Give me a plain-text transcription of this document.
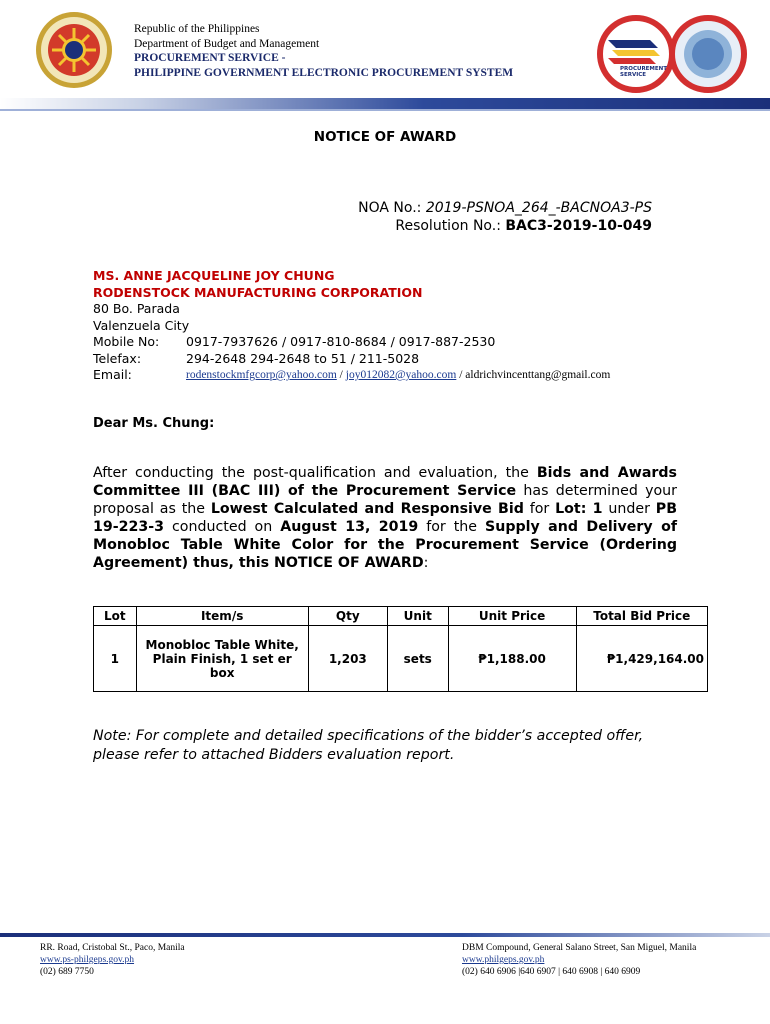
Republic of the Philippines
Department of Budget and Management
PROCUREMENT SERVICE -
PHILIPPINE GOVERNMENT ELECTRONIC PROCUREMENT SYSTEM	PROCUREMENT SERVICE
NOTICE OF AWARD
NOA No.: 2019-PSNOA_264_-BACNOA3-PS
Resolution No.: BAC3-2019-10-049
MS. ANNE JACQUELINE JOY CHUNG
RODENSTOCK MANUFACTURING CORPORATION
80 Bo. Parada
Valenzuela City
Mobile No:	0917-7937626 / 0917-810-8684 / 0917-887-2530
Telefax:	294-2648 294-2648 to 51 / 211-5028
Email:	rodenstockmfgcorp@yahoo.com / joy012082@yahoo.com / aldrichvincenttang@gmail.com
Dear Ms. Chung:
After conducting the post-qualification and evaluation, the Bids and Awards Committee III (BAC III) of the Procurement Service has determined your proposal as the Lowest Calculated and Responsive Bid for Lot: 1 under PB 19-223-3 conducted on August 13, 2019 for the Supply and Delivery of Monobloc Table White Color for the Procurement Service (Ordering Agreement) thus, this NOTICE OF AWARD:
Lot	Item/s	Qty	Unit	Unit Price	Total Bid Price
1	Monobloc Table White, Plain Finish, 1 set er box	1,203	sets	₱1,188.00	₱1,429,164.00
Note: For complete and detailed specifications of the bidder’s accepted offer, please refer to attached Bidders evaluation report.
RR. Road, Cristobal St., Paco, Manila
www.ps-philgeps.gov.ph
(02) 689 7750
DBM Compound, General Salano Street, San Miguel, Manila
www.philgeps.gov.ph
(02) 640 6906 |640 6907 | 640 6908 | 640 6909
